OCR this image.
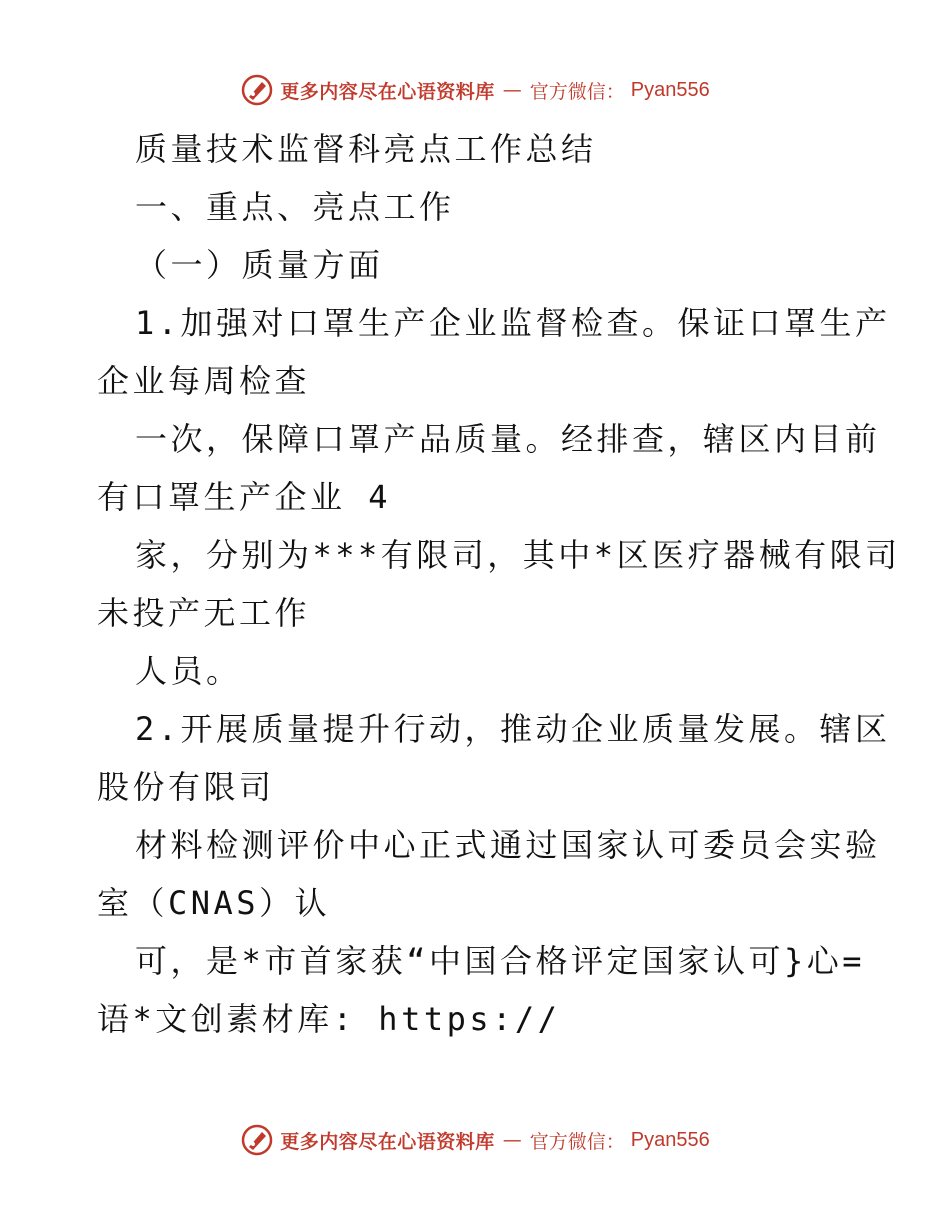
更多内容尽在心语资料库 — 官方微信： Pyan556
质量技术监督科亮点工作总结
一、重点、亮点工作
（一）质量方面
1.加强对口罩生产企业监督检查。保证口罩生产
企业每周检查
一次，保障口罩产品质量。经排查，辖区内目前
有口罩生产企业 4
家，分别为***有限司，其中*区医疗器械有限司
未投产无工作
人员。
2.开展质量提升行动，推动企业质量发展。辖区
股份有限司
材料检测评价中心正式通过国家认可委员会实验
室（CNAS）认
可，是*市首家获“中国合格评定国家认可}心=
语*文创素材库: https://
更多内容尽在心语资料库 — 官方微信： Pyan556
